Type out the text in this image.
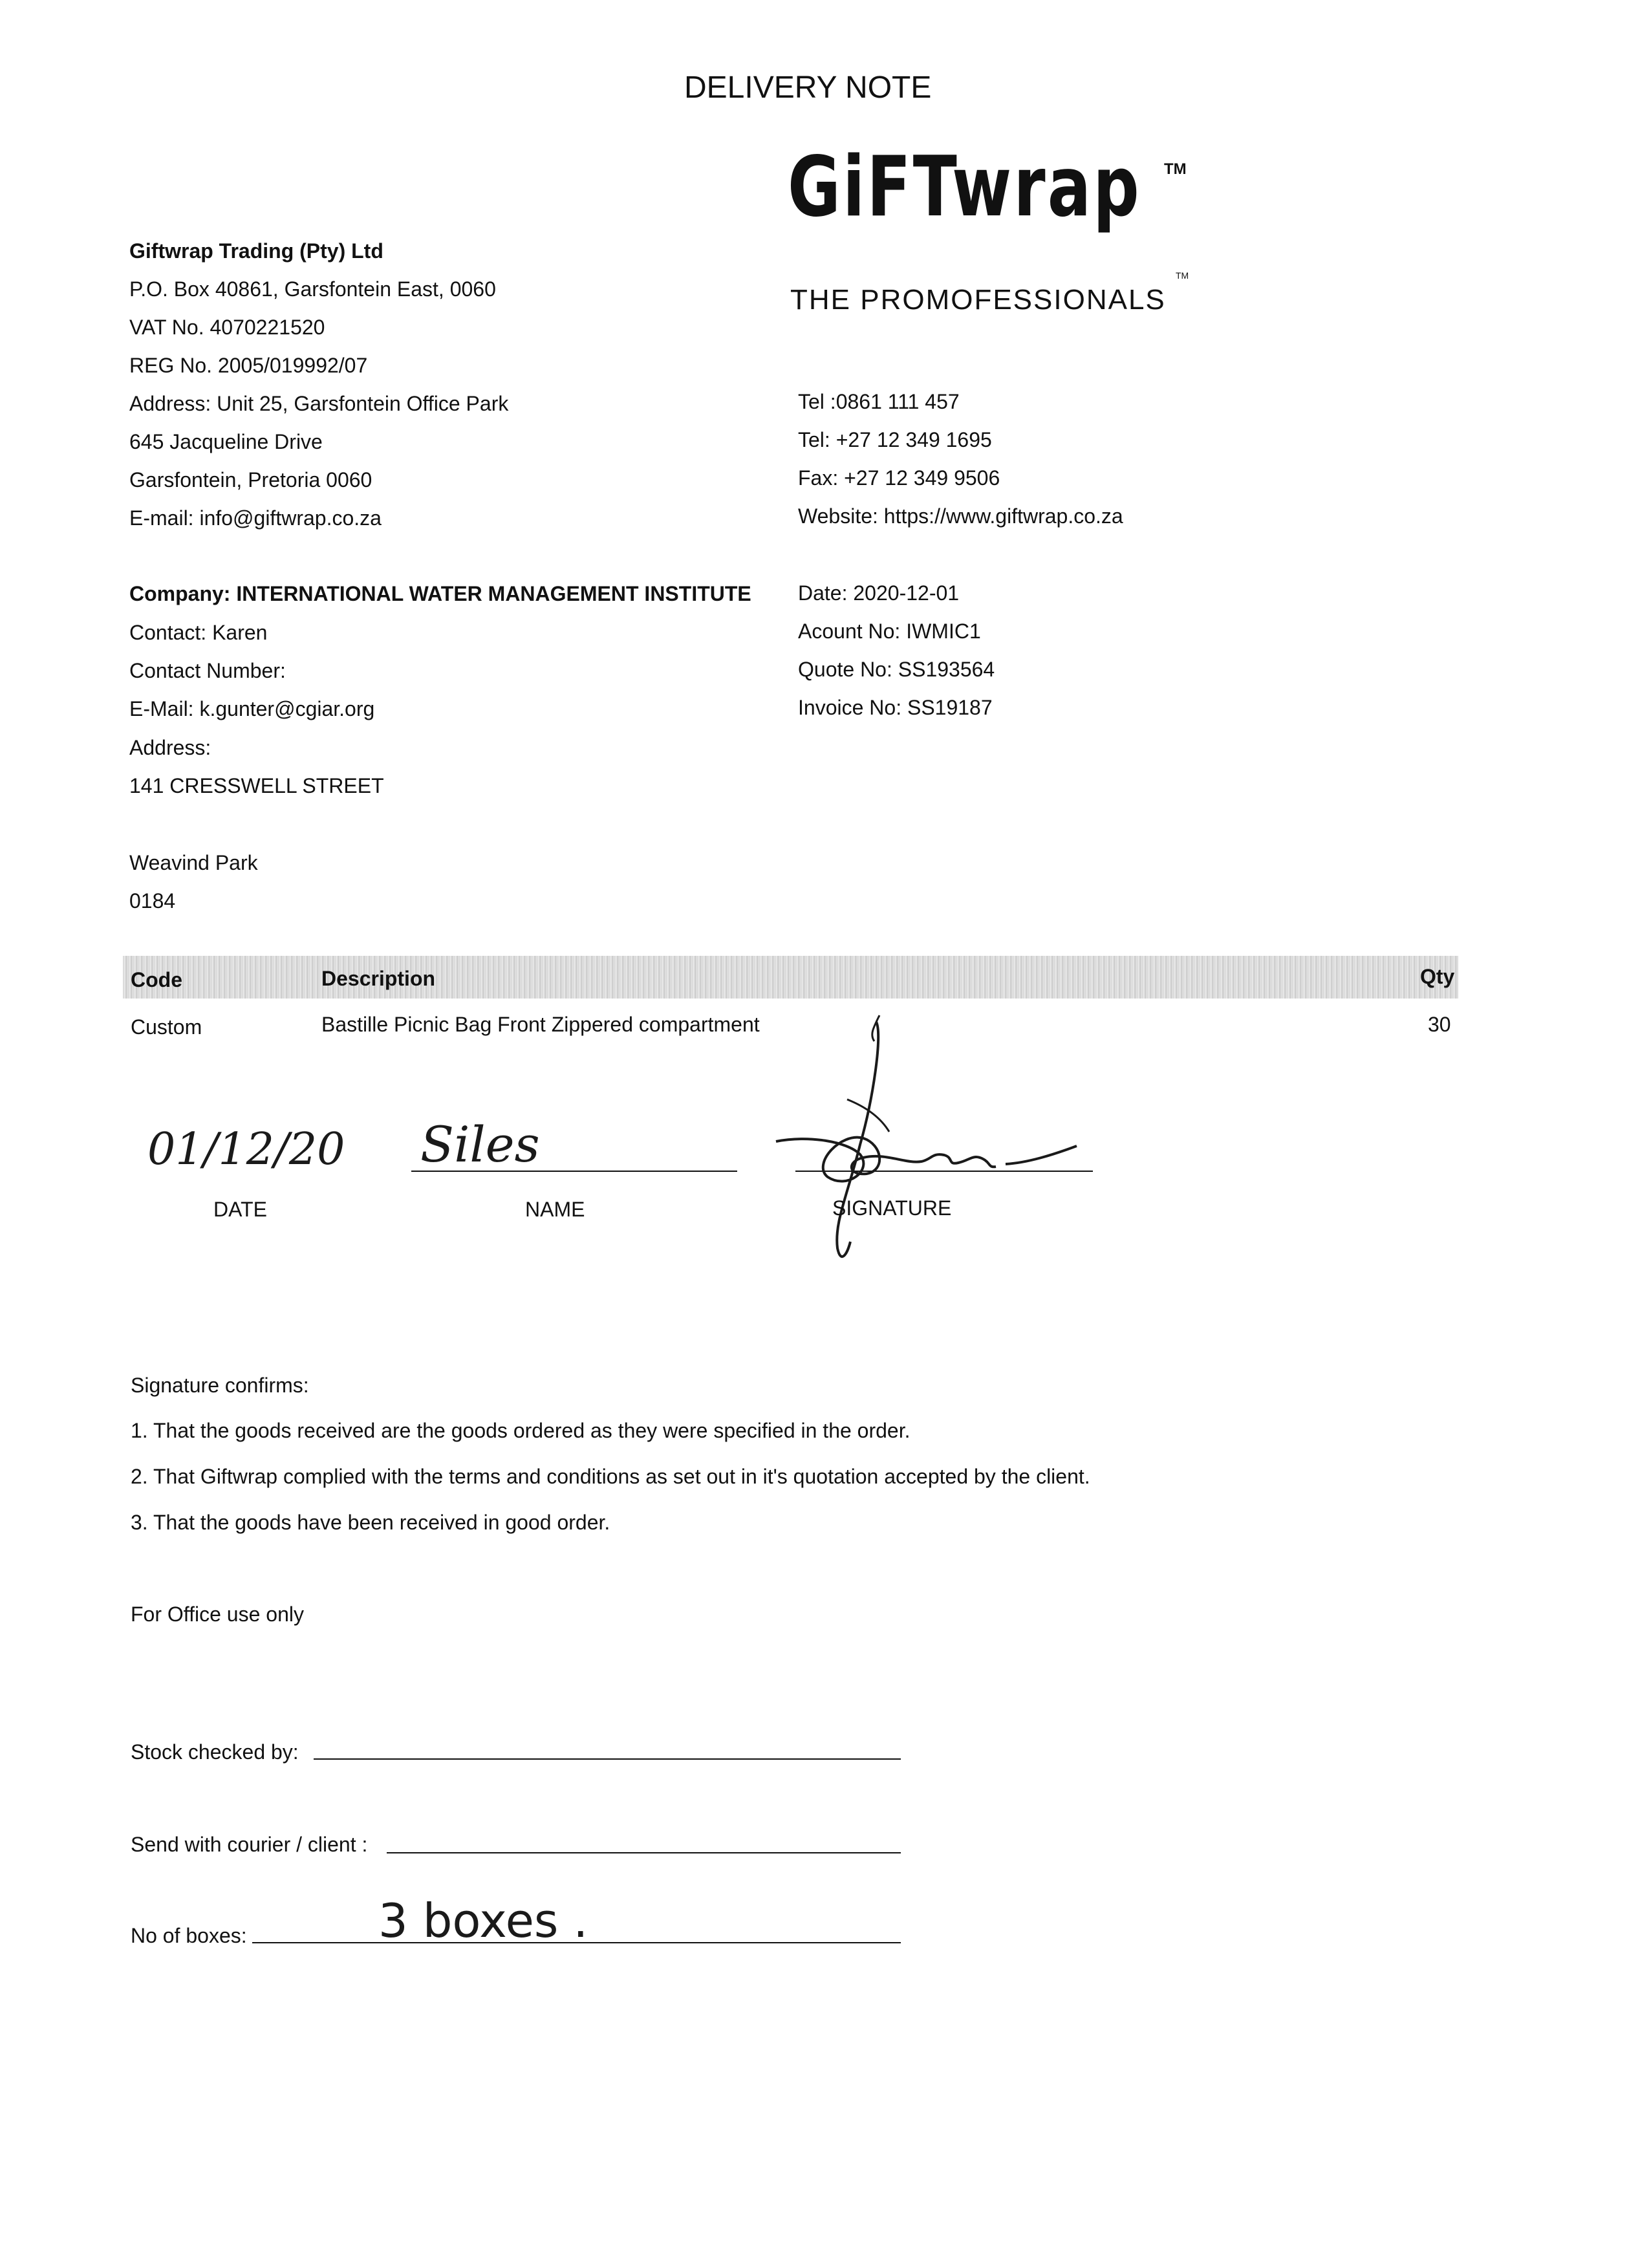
DELIVERY NOTE
GiFTwrap TM
THE PROMOFESSIONALS
TM
Giftwrap Trading (Pty) Ltd
P.O. Box 40861, Garsfontein East, 0060
VAT No. 4070221520
REG No. 2005/019992/07
Address: Unit 25, Garsfontein Office Park
645 Jacqueline Drive
Garsfontein, Pretoria 0060
E-mail: info@giftwrap.co.za
Tel :0861 111 457
Tel: +27 12 349 1695
Fax: +27 12 349 9506
Website: https://www.giftwrap.co.za
Company: INTERNATIONAL WATER MANAGEMENT INSTITUTE
Contact: Karen
Contact Number:
E-Mail: k.gunter@cgiar.org
Address:
141 CRESSWELL STREET
Weavind Park
0184
Date: 2020-12-01
Acount No: IWMIC1
Quote No: SS193564
Invoice No: SS19187
Code	Description	Qty
Custom	Bastille Picnic Bag Front Zippered compartment	30
01/12/20
DATE
Siles
NAME	SIGNATURE
Signature confirms:
1. That the goods received are the goods ordered as they were specified in the order.
2. That Giftwrap complied with the terms and conditions as set out in it's quotation accepted by the client.
3. That the goods have been received in good order.
For Office use only
Stock checked by:
Send with courier / client :
No of boxes:	3 boxes .
